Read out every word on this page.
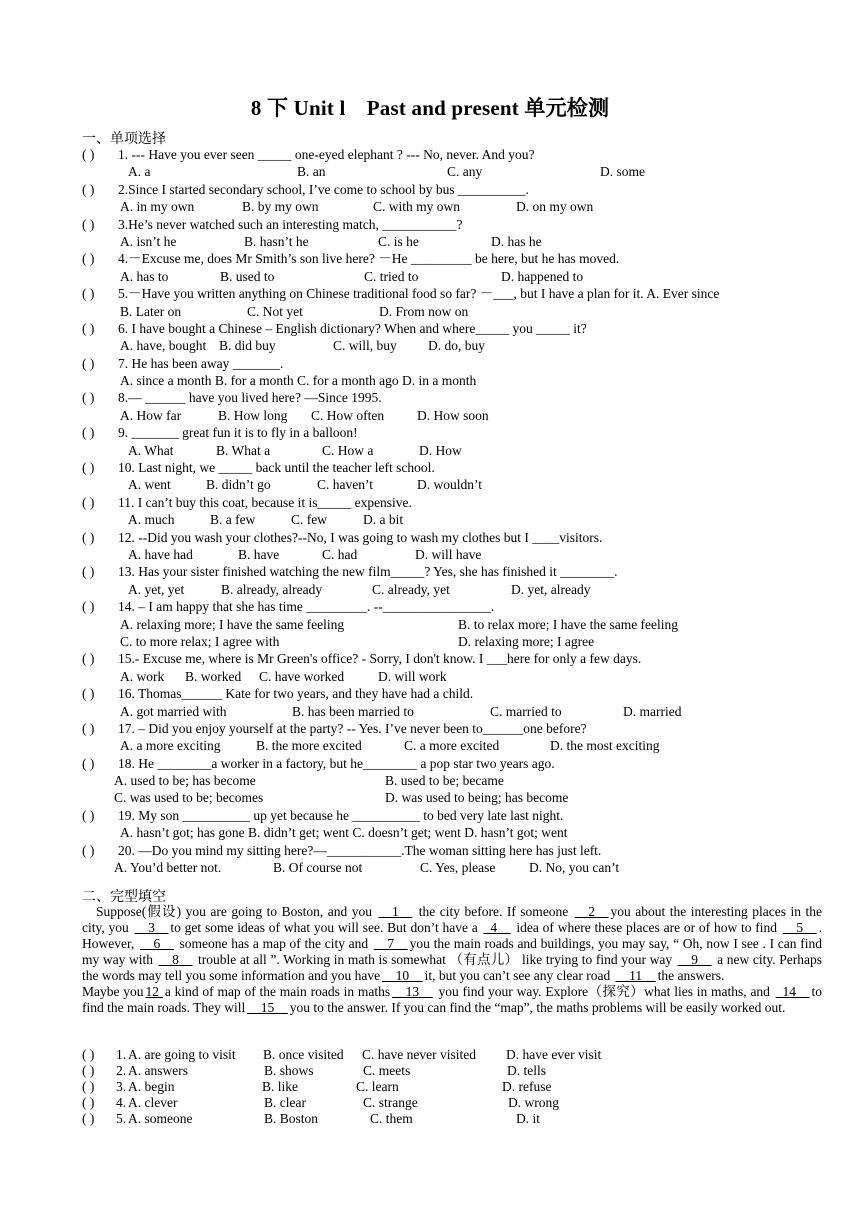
8 下 Unit l　Past and present 单元检测
一、单项选择
( ) 1. --- Have you ever seen _____ one-eyed elephant ? --- No, never. And you?
A. a	B. an	C. any	D. some
( ) 2.Since I started secondary school, I’ve come to school by bus __________.
A. in my own	B. by my own	C. with my own	D. on my own
( ) 3.He’s never watched such an interesting match, ___________?
A. isn’t he	B. hasn’t he	C. is he	D. has he
( ) 4.－Excuse me, does Mr Smith’s son live here? －He _________ be here, but he has moved.
A. has to	B. used to	C. tried to	D. happened to
( ) 5.－Have you written anything on Chinese traditional food so far? －___, but I have a plan for it. A. Ever since
B. Later on	C. Not yet	D. From now on
( ) 6. I have bought a Chinese – English dictionary? When and where_____ you _____ it?
A. have, bought B. did buy	C. will, buy D. do, buy
( ) 7. He has been away _______.
A. since a month B. for a month C. for a month ago D. in a month
( ) 8.— ______ have you lived here? —Since 1995.
A. How far	B. How long C. How often D. How soon
( ) 9. _______ great fun it is to fly in a balloon!
A. What	B. What a	C. How a	D. How
( ) 10. Last night, we _____ back until the teacher left school.
A. went	B. didn’t go	C. haven’t	D. wouldn’t
( ) 11. I can’t buy this coat, because it is_____ expensive.
A. much	B. a few	C. few	D. a bit
( ) 12. --Did you wash your clothes?--No, I was going to wash my clothes but I ____visitors.
A. have had	B. have	C. had	D. will have
( ) 13. Has your sister finished watching the new film_____? Yes, she has finished it ________.
A. yet, yet	B. already, already	C. already, yet	D. yet, already
( ) 14. – I am happy that she has time _________. --________________.
A. relaxing more; I have the same feeling	B. to relax more; I have the same feeling
C. to more relax; I agree with	D. relaxing more; I agree
( ) 15.- Excuse me, where is Mr Green's office? - Sorry, I don't know. I ___here for only a few days.
A. work B. worked C. have worked	D. will work
( ) 16. Thomas______ Kate for two years, and they have had a child.
A. got married with	B. has been married to	C. married to	D. married
( ) 17. – Did you enjoy yourself at the party? -- Yes. I’ve never been to______one before?
A. a more exciting	B. the more excited	C. a more excited	D. the most exciting
( ) 18. He ________a worker in a factory, but he________ a pop star two years ago.
A. used to be; has become	B. used to be; became
C. was used to be; becomes	D. was used to being; has become
( ) 19. My son __________ up yet because he __________ to bed very late last night.
A. hasn’t got; has gone B. didn’t get; went C. doesn’t get; went D. hasn’t got; went
( ) 20. —Do you mind my sitting here?—___________.The woman sitting here has just left.
A. You’d better not.	B. Of course not	C. Yes, please D. No, you can’t
二、完型填空

Suppose(假设) you are going to Boston, and you __1__ the city before. If someone __2__ you about the interesting places in the city, you __3__ to get some ideas of what you will see. But don’t have a _4__ idea of where these places are or of how to find __5__ . However, __6__ someone has a map of the city and __7__ you the main roads and buildings, you may say, “ Oh, now I see . I can find my way with __8__ trouble at all ”. Working in math is somewhat （有点儿） like trying to find your way __9__ a new city. Perhaps the words may tell you some information and you have __10__ it, but you can’t see any clear road __11__ the answers.

Maybe you 12 a kind of map of the main roads in maths __13__ you find your way. Explore（探究）what lies in maths, and _14__ to find the main roads. They will __15__ you to the answer. If you can find the “map”, the maths problems will be easily worked out.

( ) 1. A. are going to visit B. once visited C. have never visited D. have ever visit
( ) 2. A. answers	B. shows	C. meets	D. tells
( ) 3. A. begin	B. like	C. learn	D. refuse
( ) 4. A. clever	B. clear	C. strange	D. wrong
( ) 5. A. someone	B. Boston	C. them	D. it
